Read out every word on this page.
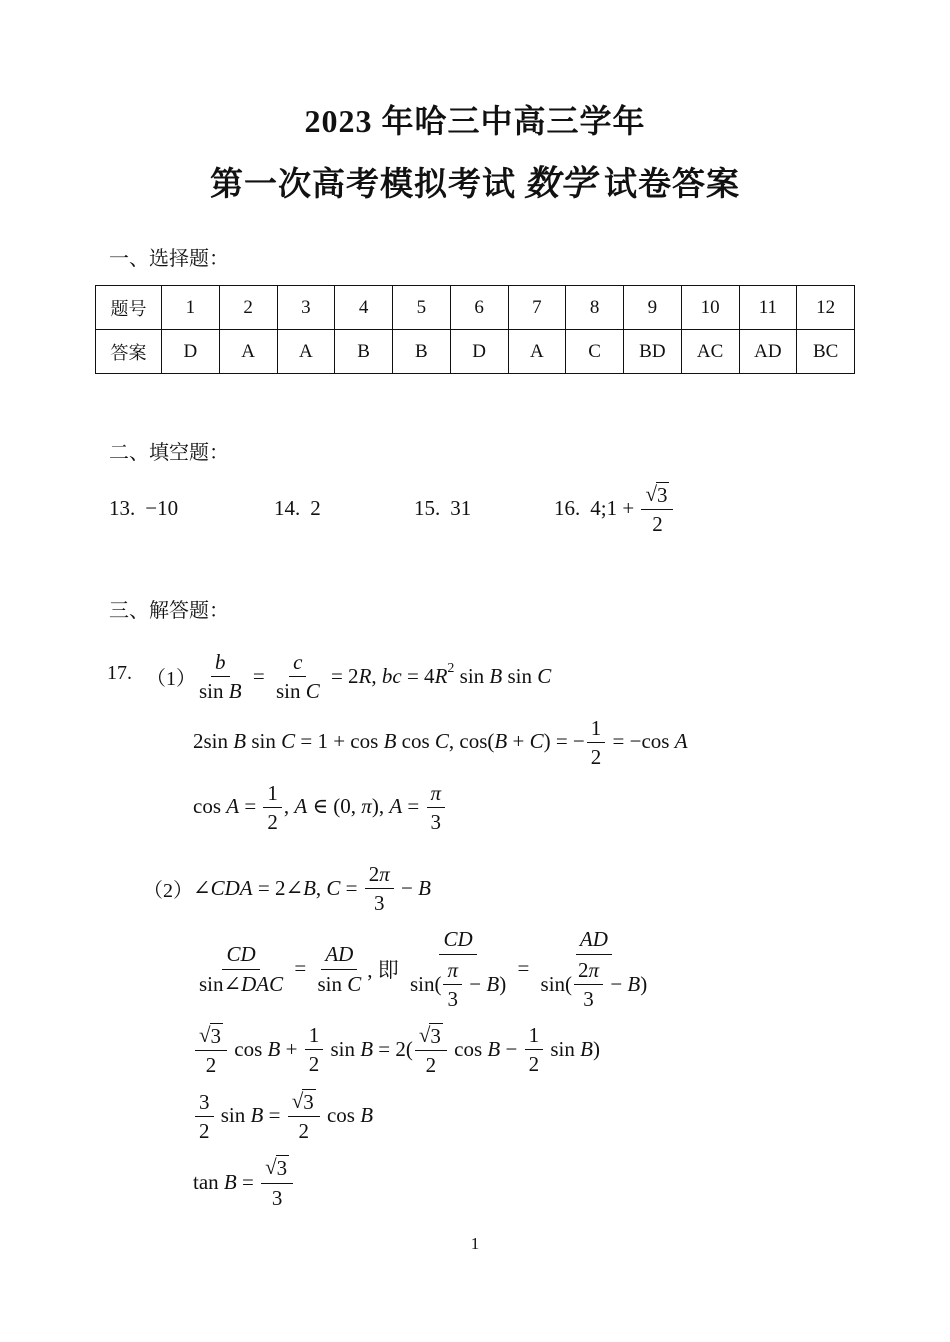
2023 年哈三中高三学年
第一次高考模拟考试 数学 试卷答案
一、选择题：
题号	1	2	3	4	5	6	7	8	9	10	11	12
答案	D	A	A	B	B	D	A	C	BD	AC	AD	BC
二、填空题：
13. −10	14. 2	15. 31	16. 4;1 + $\frac{√ 3}{2}$
三、解答题：
17. $(1) \frac{b}{\text{sin B}} = \frac{c}{\text{sin C}} = 2$ R , bc = 4 $R^2$ sin B sin C
2sin B sin C = 1 + cos B cos C , cos( B + C ) = − $\frac{1}{2} = -\cos$ A
$\cos A = \frac{1}{2}$ , A ∈ (0, π ), $A = \frac{\pi}{3}$
（2） ∠ CDA = 2∠ B , $C = \frac{2 \pi}{3} - B$
$\frac{CD}{\text{sin∠ DAC}} = \frac{AD}{\text{sin C}}$ , 即 $\frac{CD}{\sin( \frac{\pi}{3} - B )} = \frac{AD}{\sin( \frac{2 \pi}{3} - B )}$
$\frac{√ 3}{2}$ $\cos B + \frac{1}{2}$ $\sin B = 2( \frac{√ 3}{2}$ $\cos B - \frac{1}{2}$ sin B )
$\frac{3}{2}$ $\sin B = \frac{√ 3}{2}$ cos B
$\tan B = \frac{√ 3}{3}$
1
